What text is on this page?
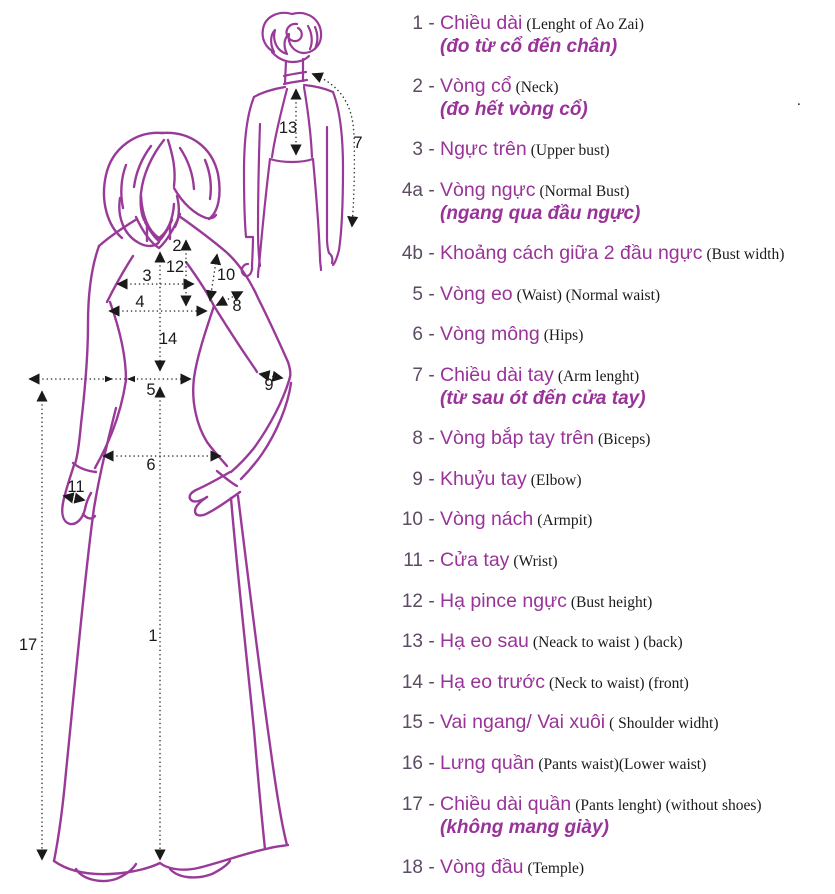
1
2
3
4
5
6
7
8
9
10
11
12
13
14
17
1 - Chiều dài (Lenght of Ao Zai)
(đo từ cổ đến chân)
2 - Vòng cổ (Neck)
(đo hết vòng cổ)
3 - Ngực trên (Upper bust)
4a - Vòng ngực (Normal Bust)
(ngang qua đầu ngực)
4b - Khoảng cách giữa 2 đầu ngực (Bust width)
5 - Vòng eo (Waist) (Normal waist)
6 - Vòng mông (Hips)
7 - Chiều dài tay (Arm lenght)
(từ sau ót đến cửa tay)
8 - Vòng bắp tay trên (Biceps)
9 - Khuỷu tay (Elbow)
10 - Vòng nách (Armpit)
11 - Cửa tay (Wrist)
12 - Hạ pince ngực (Bust height)
13 - Hạ eo sau (Neack to waist ) (back)
14 - Hạ eo trước (Neck to waist) (front)
15 - Vai ngang/ Vai xuôi ( Shoulder widht)
16 - Lưng quần (Pants waist)(Lower waist)
17 - Chiều dài quần (Pants lenght) (without shoes)
(không mang giày)
18 - Vòng đầu (Temple)
.
